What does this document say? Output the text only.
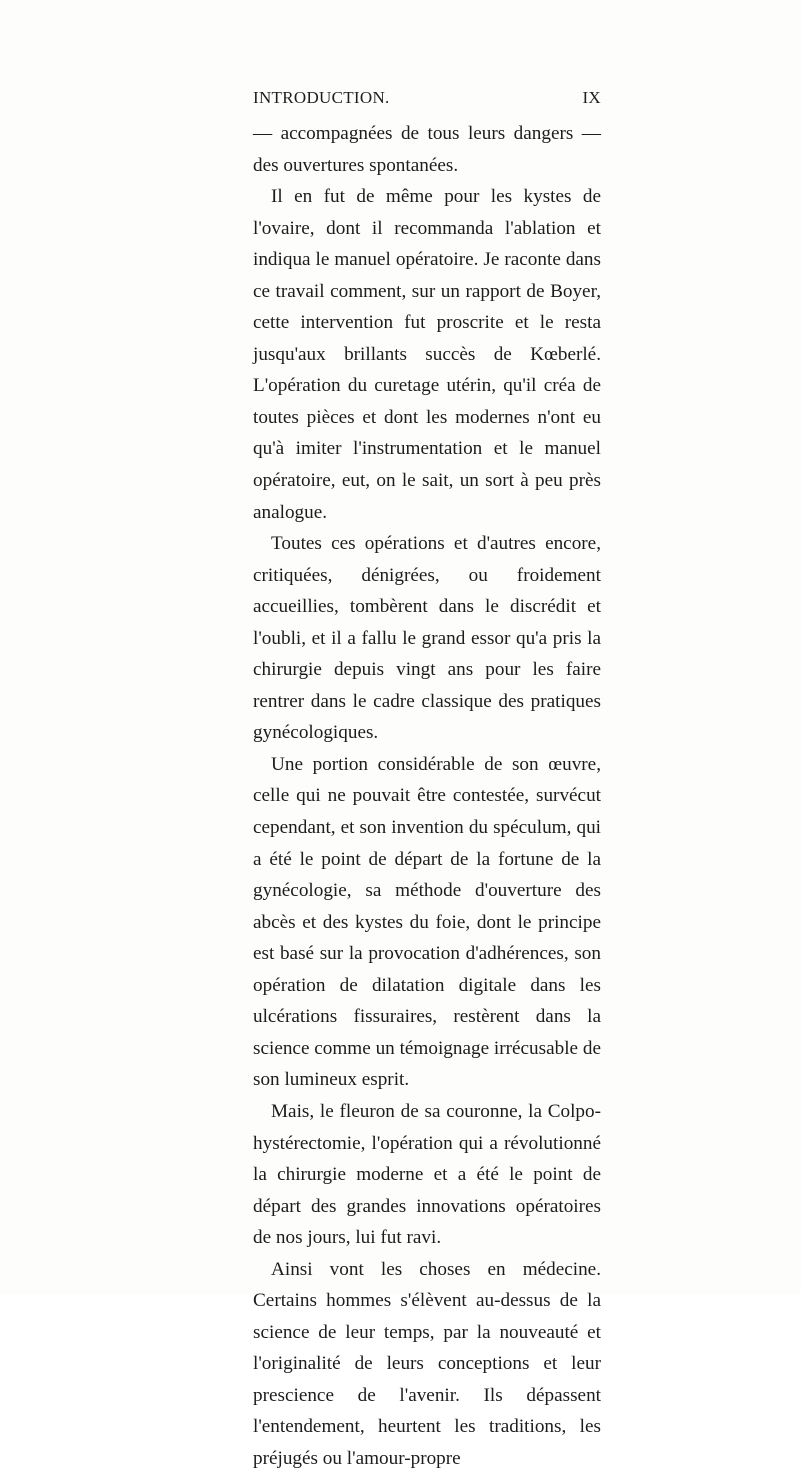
INTRODUCTION.	IX

— accompagnées de tous leurs dangers — des ouvertures spontanées.

Il en fut de même pour les kystes de l'ovaire, dont il recommanda l'ablation et indiqua le manuel opératoire. Je raconte dans ce travail comment, sur un rapport de Boyer, cette intervention fut proscrite et le resta jusqu'aux brillants succès de Kœberlé. L'opération du curetage utérin, qu'il créa de toutes pièces et dont les modernes n'ont eu qu'à imiter l'instrumentation et le manuel opératoire, eut, on le sait, un sort à peu près analogue.

Toutes ces opérations et d'autres encore, critiquées, dénigrées, ou froidement accueillies, tombèrent dans le discrédit et l'oubli, et il a fallu le grand essor qu'a pris la chirurgie depuis vingt ans pour les faire rentrer dans le cadre classique des pratiques gynécologiques.

Une portion considérable de son œuvre, celle qui ne pouvait être contestée, survécut cependant, et son invention du spéculum, qui a été le point de départ de la fortune de la gynécologie, sa méthode d'ouverture des abcès et des kystes du foie, dont le principe est basé sur la provocation d'adhérences, son opération de dilatation digitale dans les ulcérations fissuraires, restèrent dans la science comme un témoignage irrécusable de son lumineux esprit.

Mais, le fleuron de sa couronne, la Colpo-hystérectomie, l'opération qui a révolutionné la chirurgie moderne et a été le point de départ des grandes innovations opératoires de nos jours, lui fut ravi.

Ainsi vont les choses en médecine. Certains hommes s'élèvent au-dessus de la science de leur temps, par la nouveauté et l'originalité de leurs conceptions et leur prescience de l'avenir. Ils dépassent l'entendement, heurtent les traditions, les préjugés ou l'amour-propre
